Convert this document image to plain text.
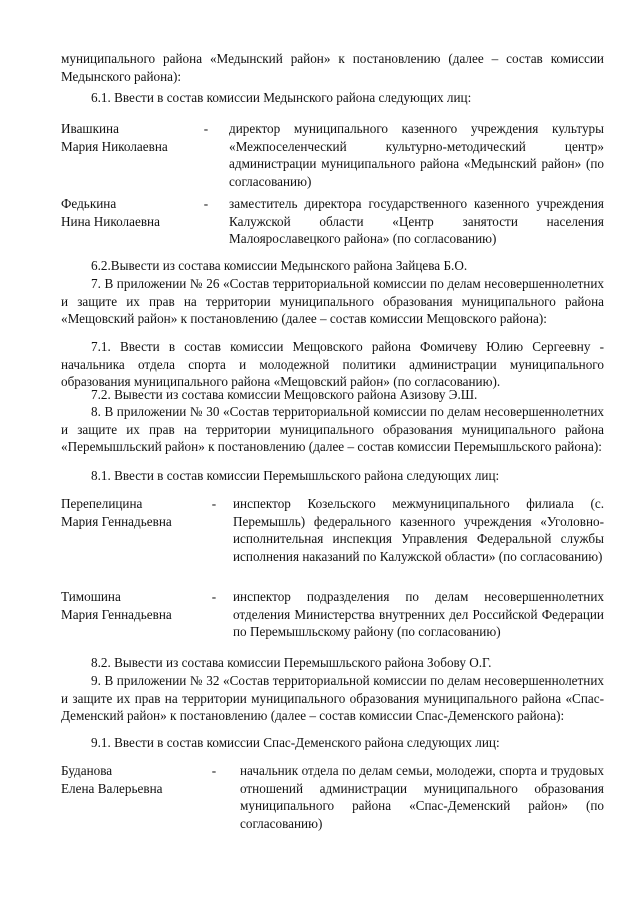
муниципального района «Медынский район» к постановлению (далее – состав комиссии Медынского района):

6.1. Ввести в состав комиссии Медынского района следующих лиц:

Ивашкина
Мария Николаевна

- директор муниципального казенного учреждения культуры «Межпоселенческий культурно-методический центр» администрации муниципального района «Медынский район» (по согласованию)

Федькина
Нина Николаевна

- заместитель директора государственного казенного учреждения Калужской области «Центр занятости населения Малоярославецкого района» (по согласованию)

6.2.Вывести из состава комиссии Медынского района Зайцева Б.О.

7. В приложении № 26 «Состав территориальной комиссии по делам несовершеннолетних и защите их прав на территории муниципального образования муниципального района «Мещовский район» к постановлению (далее – состав комиссии Мещовского района):

7.1. Ввести в состав комиссии Мещовского района Фомичеву Юлию Сергеевну - начальника отдела спорта и молодежной политики администрации муниципального образования муниципального района «Мещовский район» (по согласованию).

7.2. Вывести из состава комиссии Мещовского района Азизову Э.Ш.

8. В приложении № 30 «Состав территориальной комиссии по делам несовершеннолетних и защите их прав на территории муниципального образования муниципального района «Перемышльский район» к постановлению (далее – состав комиссии Перемышльского района):

8.1. Ввести в состав комиссии Перемышльского района следующих лиц:

Перепелицина
Мария Геннадьевна

- инспектор Козельского межмуниципального филиала (с. Перемышль) федерального казенного учреждения «Уголовно-исполнительная инспекция Управления Федеральной службы исполнения наказаний по Калужской области» (по согласованию)

Тимошина
Мария Геннадьевна

- инспектор подразделения по делам несовершеннолетних отделения Министерства внутренних дел Российской Федерации по Перемышльскому району (по согласованию)

8.2. Вывести из состава комиссии Перемышльского района Зобову О.Г.

9. В приложении № 32 «Состав территориальной комиссии по делам несовершеннолетних и защите их прав на территории муниципального образования муниципального района «Спас-Деменский район» к постановлению (далее – состав комиссии Спас-Деменского района):

9.1. Ввести в состав комиссии Спас-Деменского района следующих лиц:

Буданова
Елена Валерьевна

- начальник отдела по делам семьи, молодежи, спорта и трудовых отношений администрации муниципального образования муниципального района «Спас-Деменский район» (по согласованию)
